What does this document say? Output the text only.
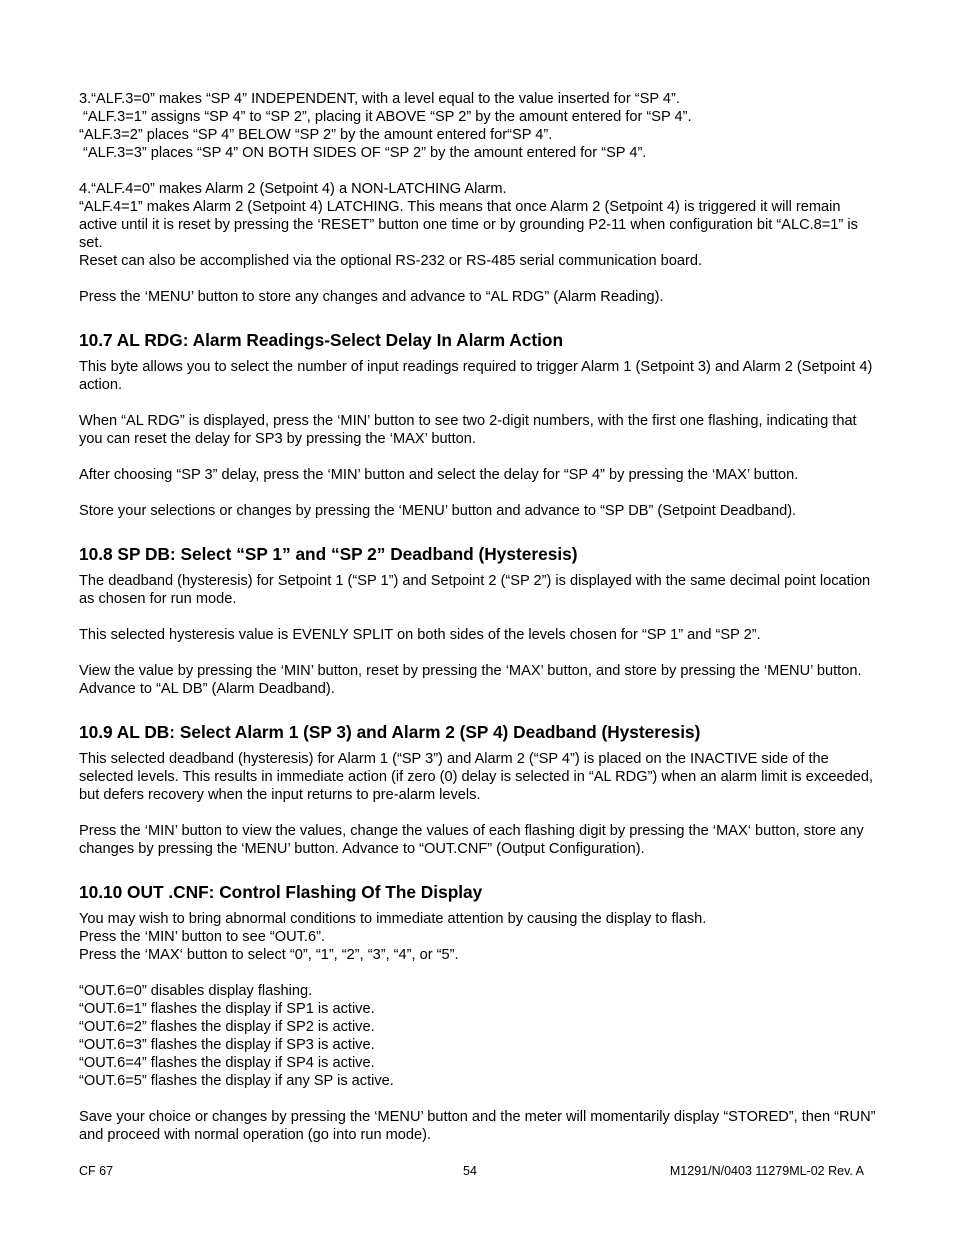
3.“ALF.3=0” makes “SP 4” INDEPENDENT, with a level equal to the value inserted for “SP 4”.
“ALF.3=1” assigns “SP 4” to “SP 2”, placing it ABOVE “SP 2” by the amount entered for “SP 4”.
“ALF.3=2” places “SP 4” BELOW “SP 2” by the amount entered for“SP 4”.
“ALF.3=3” places “SP 4” ON BOTH SIDES OF “SP 2” by the amount entered for “SP 4”.
4.“ALF.4=0” makes Alarm 2 (Setpoint 4) a NON-LATCHING Alarm.
“ALF.4=1” makes Alarm 2 (Setpoint 4) LATCHING. This means that once Alarm 2 (Setpoint 4) is triggered it will remain active until it is reset by pressing the ‘RESET” button one time or by grounding P2-11 when configuration bit “ALC.8=1” is set.
Reset can also be accomplished via the optional RS-232 or RS-485 serial communication board.
Press the ‘MENU’ button to store any changes and advance to “AL RDG” (Alarm Reading).
10.7 AL RDG: Alarm Readings-Select Delay In Alarm Action
This byte allows you to select the number of input readings required to trigger Alarm 1 (Setpoint 3) and Alarm 2 (Setpoint 4) action.
When “AL RDG” is displayed, press the ‘MIN’ button to see two 2-digit numbers, with the first one flashing, indicating that you can reset the delay for SP3 by pressing the ‘MAX’ button.
After choosing “SP 3” delay, press the ‘MIN’ button and select the delay for “SP 4” by pressing the ‘MAX’ button.
Store your selections or changes by pressing the ‘MENU’ button and advance to “SP DB” (Setpoint Deadband).
10.8 SP DB: Select “SP 1” and “SP 2” Deadband (Hysteresis)
The deadband (hysteresis) for Setpoint 1 (“SP 1”) and Setpoint 2 (“SP 2”) is displayed with the same decimal point location as chosen for run mode.
This selected hysteresis value is EVENLY SPLIT on both sides of the levels chosen for “SP 1” and “SP 2”.
View the value by pressing the ‘MIN’ button, reset by pressing the ‘MAX’ button, and store by pressing the ‘MENU’ button. Advance to “AL DB” (Alarm Deadband).
10.9 AL DB: Select Alarm 1 (SP 3) and Alarm 2 (SP 4) Deadband (Hysteresis)
This selected deadband (hysteresis) for Alarm 1 (“SP 3”) and Alarm 2 (“SP 4”) is placed on the INACTIVE side of the selected levels. This results in immediate action (if zero (0) delay is selected in “AL RDG”) when an alarm limit is exceeded, but defers recovery when the input returns to pre-alarm levels.
Press the ‘MIN’ button to view the values, change the values of each flashing digit by pressing the ‘MAX‘ button, store any changes by pressing the ‘MENU’ button. Advance to “OUT.CNF” (Output Configuration).
10.10 OUT .CNF: Control Flashing Of The Display
You may wish to bring abnormal conditions to immediate attention by causing the display to flash.
Press the ‘MIN’ button to see “OUT.6”.
Press the ‘MAX‘ button to select “0”, “1”, “2”, “3”, “4”, or “5”.
“OUT.6=0” disables display flashing.
“OUT.6=1” flashes the display if SP1 is active.
“OUT.6=2” flashes the display if SP2 is active.
“OUT.6=3” flashes the display if SP3 is active.
“OUT.6=4” flashes the display if SP4 is active.
“OUT.6=5” flashes the display if any SP is active.
Save your choice or changes by pressing the ‘MENU’ button and the meter will momentarily display “STORED”, then “RUN” and proceed with normal operation (go into run mode).
CF 67	54	M1291/N/0403 11279ML-02 Rev. A
